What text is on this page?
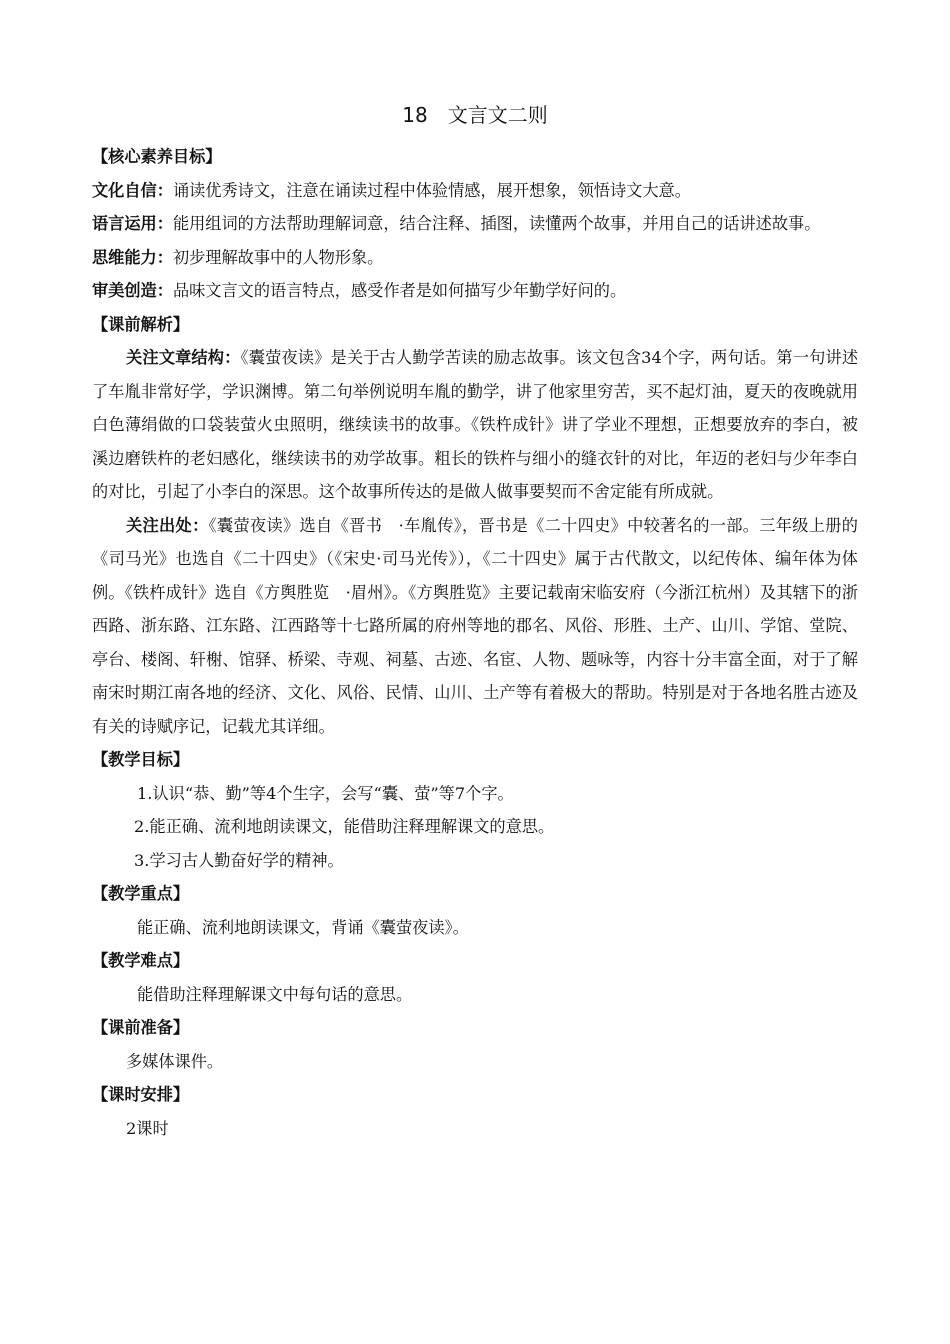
18 文言文二则
【核心素养目标】

文化自信：诵读优秀诗文，注意在诵读过程中体验情感，展开想象，领悟诗文大意。

语言运用：能用组词的方法帮助理解词意，结合注释、插图，读懂两个故事，并用自己的话讲述故事。

思维能力：初步理解故事中的人物形象。

审美创造：品味文言文的语言特点，感受作者是如何描写少年勤学好问的。

【课前解析】

关注文章结构：《囊萤夜读》是关于古人勤学苦读的励志故事。该文包含34个字，两句话。第一句讲述了车胤非常好学，学识渊博。第二句举例说明车胤的勤学，讲了他家里穷苦，买不起灯油，夏天的夜晚就用白色薄绢做的口袋装萤火虫照明，继续读书的故事。《铁杵成针》讲了学业不理想，正想要放弃的李白，被溪边磨铁杵的老妇感化，继续读书的劝学故事。粗长的铁杵与细小的缝衣针的对比，年迈的老妇与少年李白的对比，引起了小李白的深思。这个故事所传达的是做人做事要契而不舍定能有所成就。

关注出处：《囊萤夜读》选自《晋书　·车胤传》，晋书是《二十四史》中较著名的一部。三年级上册的《司马光》也选自《二十四史》（《宋史·司马光传》），《二十四史》属于古代散文，以纪传体、编年体为体例。《铁杵成针》选自《方舆胜览　·眉州》。《方舆胜览》主要记载南宋临安府（今浙江杭州）及其辖下的浙西路、浙东路、江东路、江西路等十七路所属的府州等地的郡名、风俗、形胜、土产、山川、学馆、堂院、亭台、楼阁、轩榭、馆驿、桥梁、寺观、祠墓、古迹、名宦、人物、题咏等，内容十分丰富全面，对于了解南宋时期江南各地的经济、文化、风俗、民情、山川、土产等有着极大的帮助。特别是对于各地名胜古迹及有关的诗赋序记，记载尤其详细。

【教学目标】

1.认识“恭、勤”等4个生字，会写“囊、萤”等7个字。

2.能正确、流利地朗读课文，能借助注释理解课文的意思。

3.学习古人勤奋好学的精神。

【教学重点】

能正确、流利地朗读课文，背诵《囊萤夜读》。

【教学难点】

能借助注释理解课文中每句话的意思。

【课前准备】

多媒体课件。

【课时安排】

2课时
